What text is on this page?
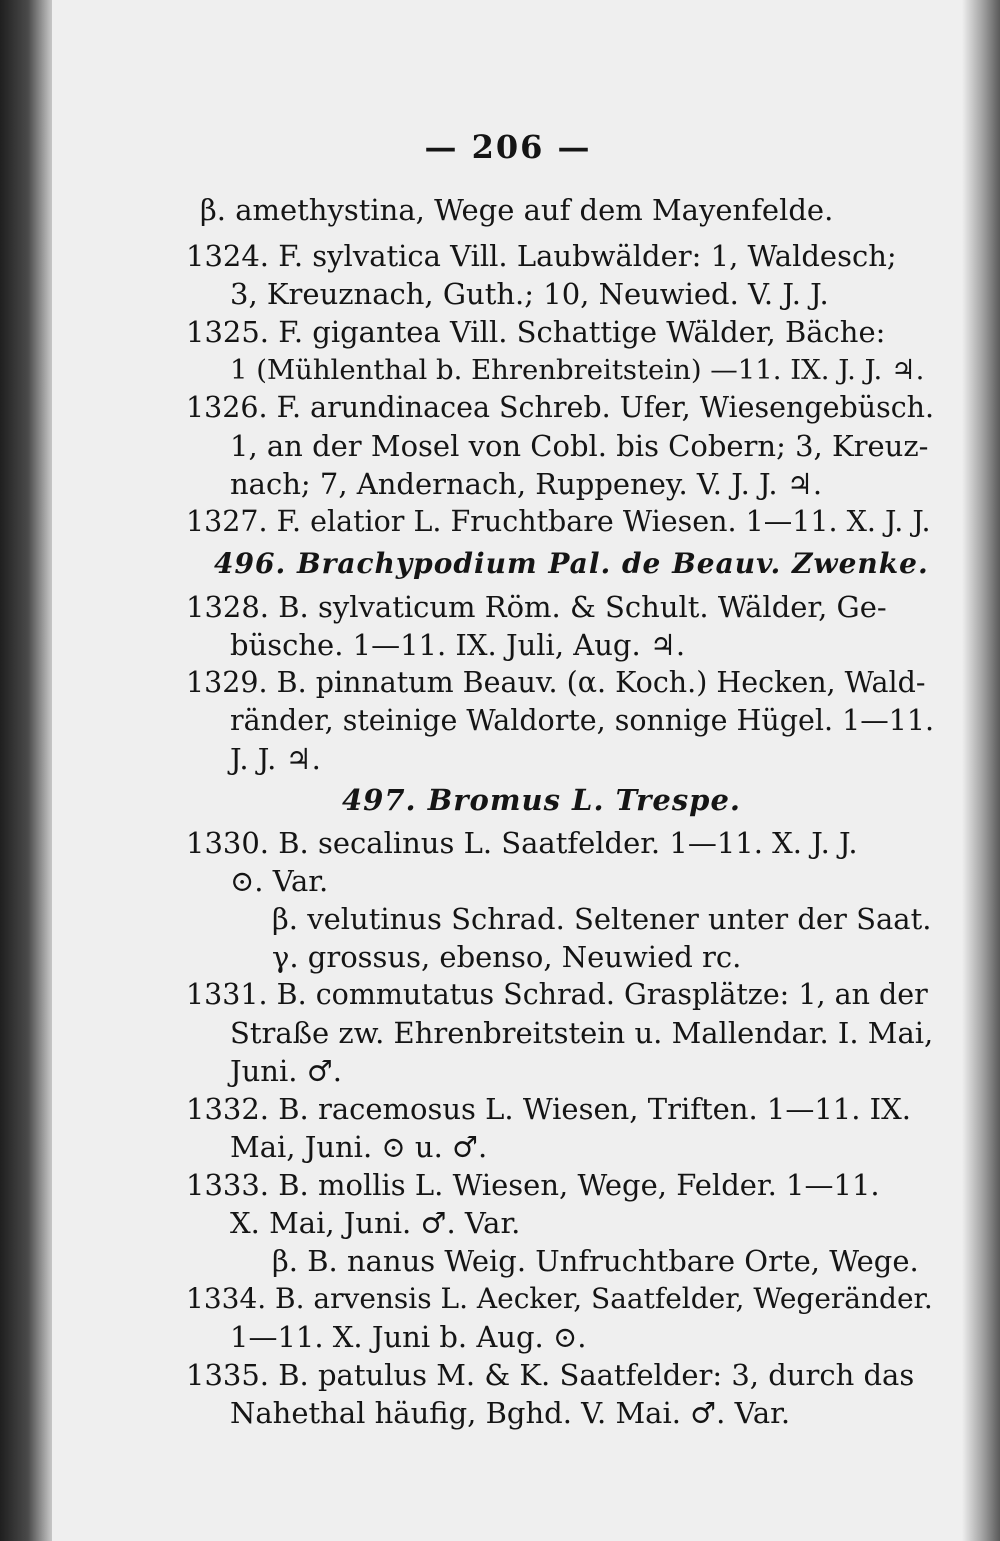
— 206 —
β. amethystina, Wege auf dem Mayenfelde.
1324. F. sylvatica Vill. Laubwälder: 1, Waldesch;
3, Kreuznach, Guth.; 10, Neuwied. V. J. J.
1325. F. gigantea Vill. Schattige Wälder, Bäche:
1 (Mühlenthal b. Ehrenbreitstein) —11. IX. J. J. ♃.
1326. F. arundinacea Schreb. Ufer, Wiesengebüsch.
1, an der Mosel von Cobl. bis Cobern; 3, Kreuz-
nach; 7, Andernach, Ruppeney. V. J. J. ♃.
1327. F. elatior L. Fruchtbare Wiesen. 1—11. X. J. J.
496. Brachypodium Pal. de Beauv. Zwenke.
1328. B. sylvaticum Röm. & Schult. Wälder, Ge-
büsche. 1—11. IX. Juli, Aug. ♃.
1329. B. pinnatum Beauv. (α. Koch.) Hecken, Wald-
ränder, steinige Waldorte, sonnige Hügel. 1—11.
J. J. ♃.
497. Bromus L. Trespe.
1330. B. secalinus L. Saatfelder. 1—11. X. J. J.
⊙. Var.
β. velutinus Schrad. Seltener unter der Saat.
γ. grossus, ebenso, Neuwied rc.
1331. B. commutatus Schrad. Grasplätze: 1, an der
Straße zw. Ehrenbreitstein u. Mallendar. I. Mai,
Juni. ♂.
1332. B. racemosus L. Wiesen, Triften. 1—11. IX.
Mai, Juni. ⊙ u. ♂.
1333. B. mollis L. Wiesen, Wege, Felder. 1—11.
X. Mai, Juni. ♂. Var.
β. B. nanus Weig. Unfruchtbare Orte, Wege.
1334. B. arvensis L. Aecker, Saatfelder, Wegeränder.
1—11. X. Juni b. Aug. ⊙.
1335. B. patulus M. & K. Saatfelder: 3, durch das
Nahethal häufig, Bghd. V. Mai. ♂. Var.
